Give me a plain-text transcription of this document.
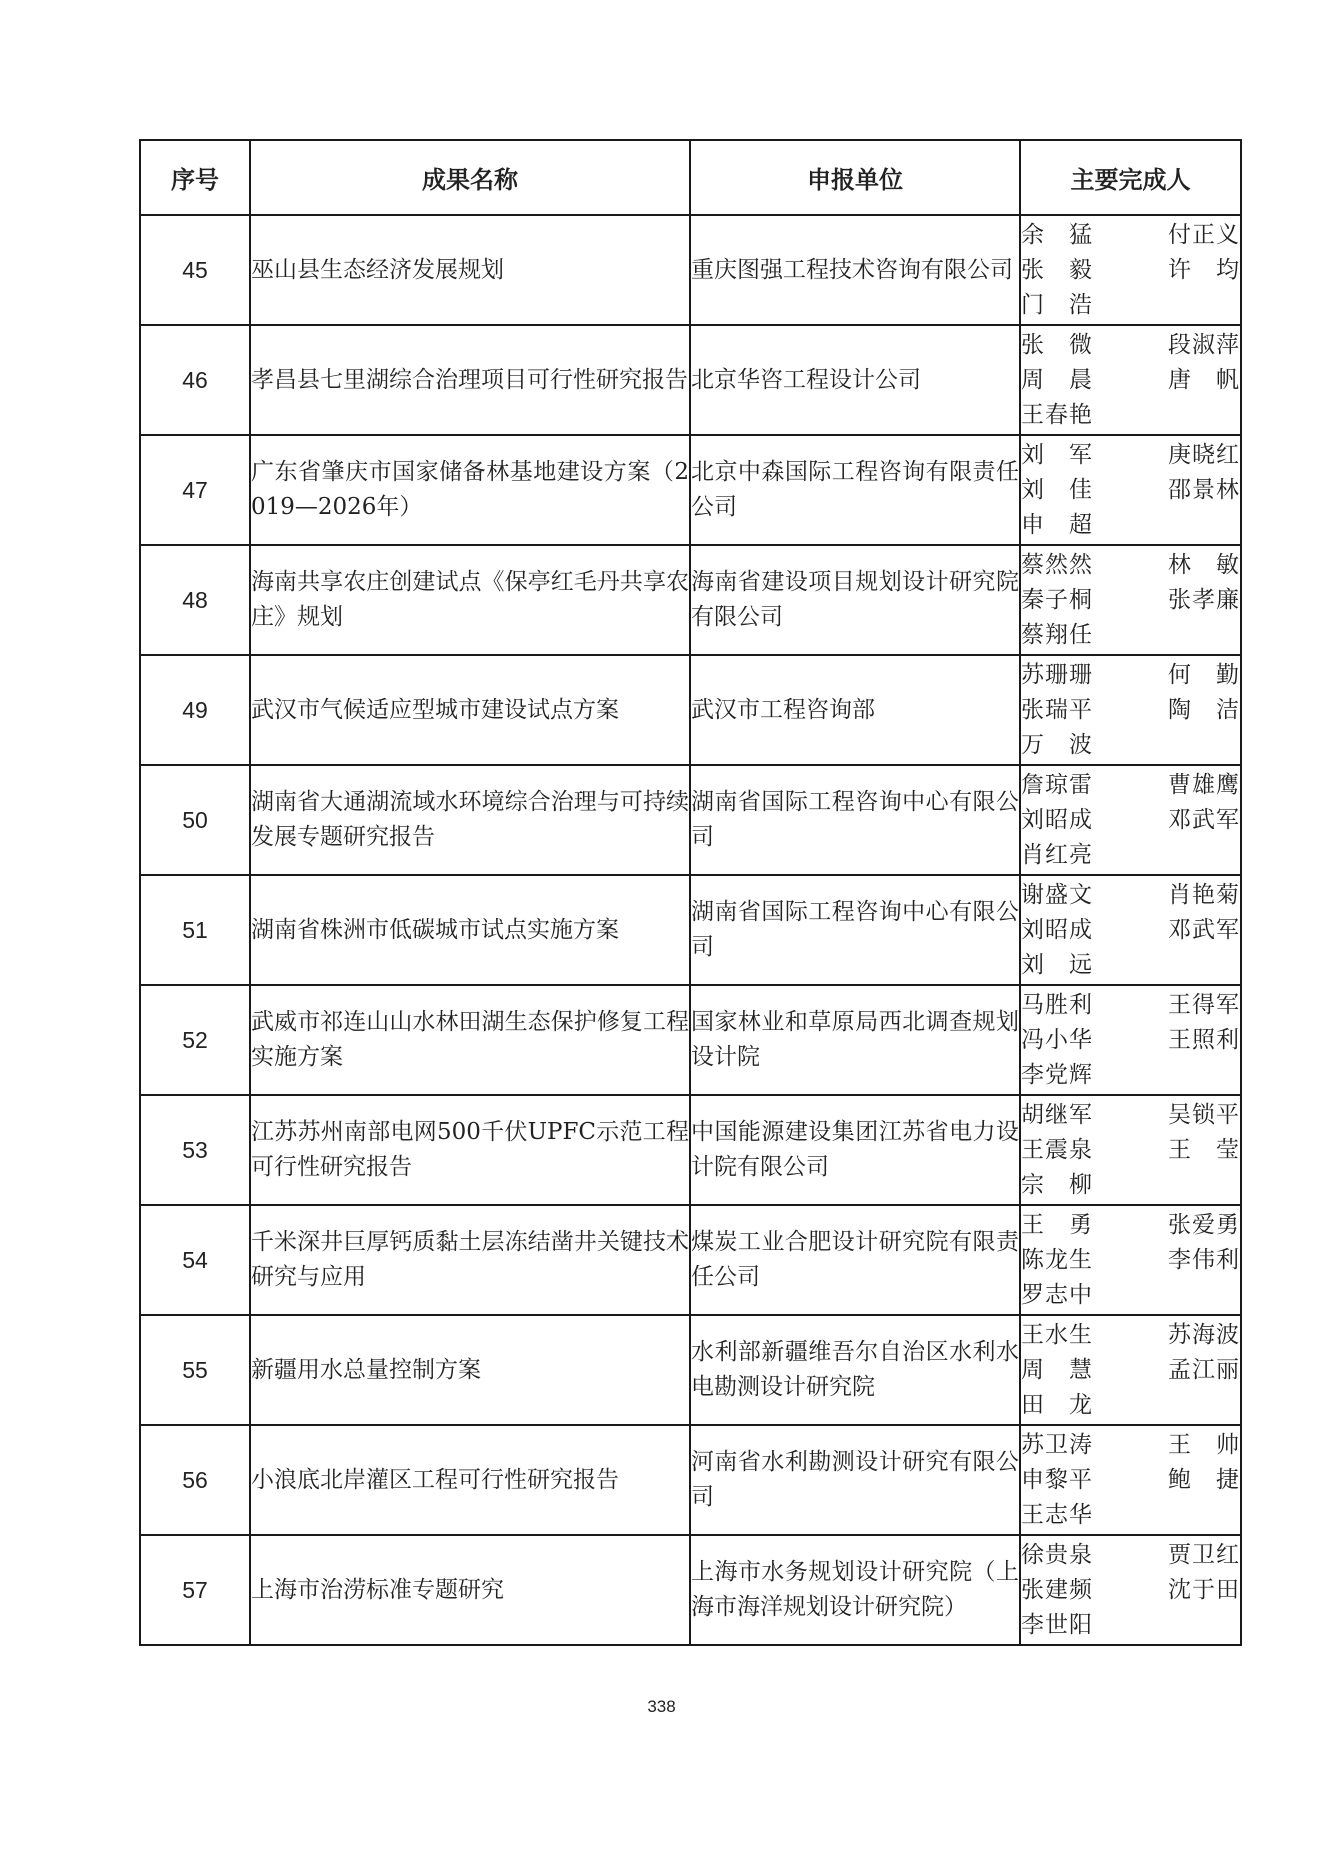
序号	成果名称	申报单位	主要完成人
45	巫山县生态经济发展规划	重庆图强工程技术咨询有限公司	余　猛 付正义
张　毅 许　均
门　浩

46	孝昌县七里湖综合治理项目可行性研究报告	北京华咨工程设计公司	张　微 段淑萍
周　晨 唐　帆
王春艳

47	广东省肇庆市国家储备林基地建设方案（2019—2026年）	北京中森国际工程咨询有限责任公司	刘　军 庚晓红
刘　佳 邵景林
申　超

48	海南共享农庄创建试点《保亭红毛丹共享农庄》规划	海南省建设项目规划设计研究院有限公司	蔡然然 林　敏
秦子桐 张孝廉
蔡翔任

49	武汉市气候适应型城市建设试点方案	武汉市工程咨询部	苏珊珊 何　勤
张瑞平 陶　洁
万　波

50	湖南省大通湖流域水环境综合治理与可持续发展专题研究报告	湖南省国际工程咨询中心有限公司	詹琼雷 曹雄鹰
刘昭成 邓武军
肖红亮

51	湖南省株洲市低碳城市试点实施方案	湖南省国际工程咨询中心有限公司	谢盛文 肖艳菊
刘昭成 邓武军
刘　远

52	武威市祁连山山水林田湖生态保护修复工程实施方案	国家林业和草原局西北调查规划设计院	马胜利 王得军
冯小华 王照利
李党辉

53	江苏苏州南部电网500千伏UPFC示范工程可行性研究报告	中国能源建设集团江苏省电力设计院有限公司	胡继军 吴锁平
王震泉 王　莹
宗　柳

54	千米深井巨厚钙质黏土层冻结凿井关键技术研究与应用	煤炭工业合肥设计研究院有限责任公司	王　勇 张爱勇
陈龙生 李伟利
罗志中

55	新疆用水总量控制方案	水利部新疆维吾尔自治区水利水电勘测设计研究院	王水生 苏海波
周　慧 孟江丽
田　龙

56	小浪底北岸灌区工程可行性研究报告	河南省水利勘测设计研究有限公司	苏卫涛 王　帅
申黎平 鲍　捷
王志华

57	上海市治涝标准专题研究	上海市水务规划设计研究院（上海市海洋规划设计研究院）	徐贵泉 贾卫红
张建频 沈于田
李世阳
338
